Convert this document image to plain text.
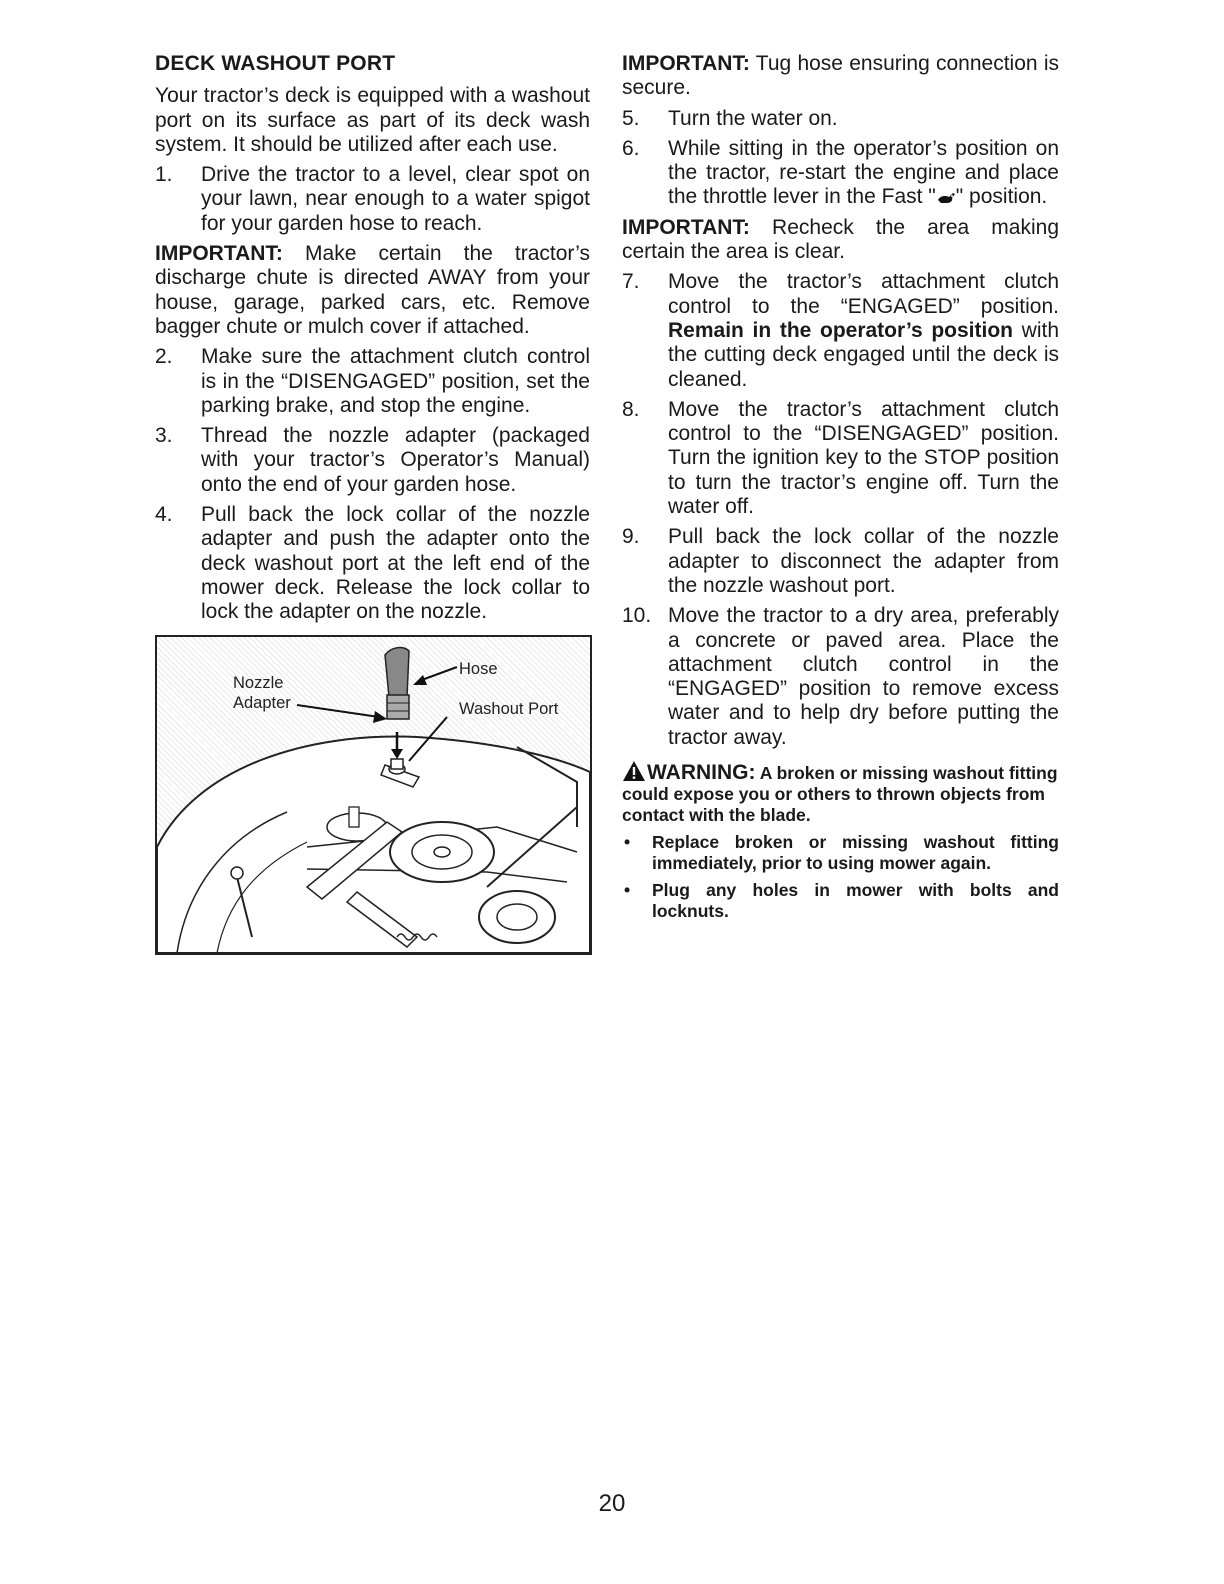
DECK WASHOUT PORT

Your tractor’s deck is equipped with a washout port on its surface as part of its deck wash system. It should be utilized after each use.

1.	Drive the tractor to a level, clear spot on your lawn, near enough to a water spigot for your garden hose to reach.

IMPORTANT: Make certain the tractor’s discharge chute is directed AWAY from your house, garage, parked cars, etc. Remove bagger chute or mulch cover if attached.

2.	Make sure the attachment clutch control is in the “DISENGAGED” position, set the parking brake, and stop the engine.
3.	Thread the nozzle adapter (packaged with your tractor’s Operator’s Manual) onto the end of your garden hose.
4.	Pull back the lock collar of the nozzle adapter and push the adapter onto the deck washout port at the left end of the mower deck. Release the lock collar to lock the adapter on the nozzle.
Nozzle
Adapter
Hose
Washout Port

IMPORTANT: Tug hose ensuring connection is secure.

5.	Turn the water on.
6.	While sitting in the operator’s position on the tractor, re-start the engine and place the throttle lever in the Fast " " position.

IMPORTANT: Recheck the area making certain the area is clear.

7.	Move the tractor’s attachment clutch control to the “ENGAGED” position. Remain in the operator’s position with the cutting deck engaged until the deck is cleaned.
8.	Move the tractor’s attachment clutch control to the “DISENGAGED” position. Turn the ignition key to the STOP position to turn the tractor’s engine off. Turn the water off.
9.	Pull back the lock collar of the nozzle adapter to disconnect the adapter from the nozzle washout port.
10. Move the tractor to a dry area, preferably a concrete or paved area. Place the attachment clutch control in the “ENGAGED” position to remove excess water and to help dry before putting the tractor away.

WARNING: A broken or missing washout fitting could expose you or others to thrown objects from contact with the blade.

•	Replace broken or missing washout fitting immediately, prior to using mower again.
•	Plug any holes in mower with bolts and locknuts.
20
